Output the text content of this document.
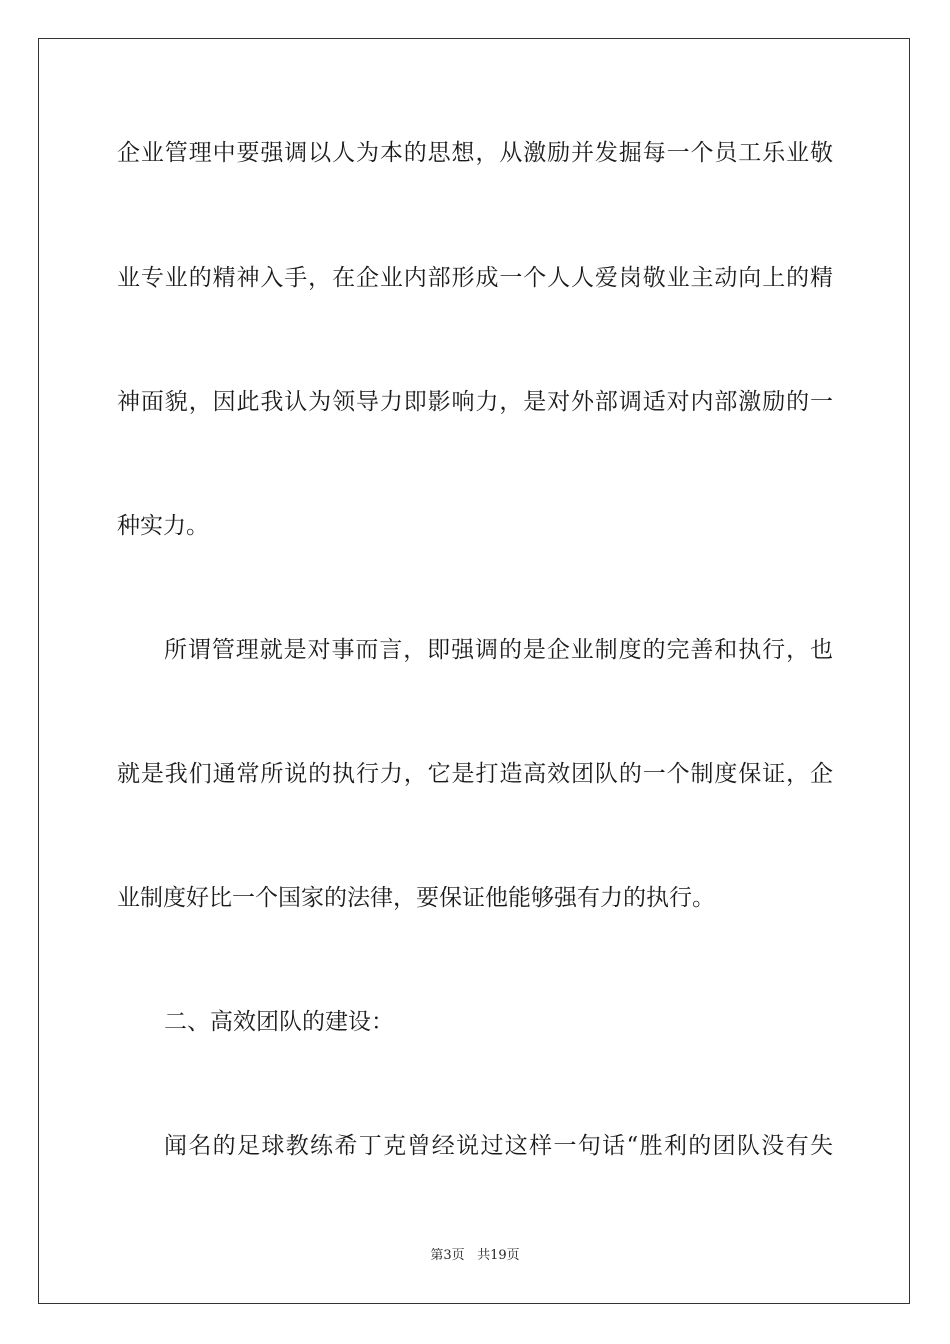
企业管理中要强调以人为本的思想，从激励并发掘每一个员工乐业敬
业专业的精神入手，在企业内部形成一个人人爱岗敬业主动向上的精
神面貌，因此我认为领导力即影响力，是对外部调适对内部激励的一
种实力。
所谓管理就是对事而言，即强调的是企业制度的完善和执行，也
就是我们通常所说的执行力，它是打造高效团队的一个制度保证，企
业制度好比一个国家的法律，要保证他能够强有力的执行。
二、高效团队的建设：
闻名的足球教练希丁克曾经说过这样一句话“胜利的团队没有失
第3页 共19页
